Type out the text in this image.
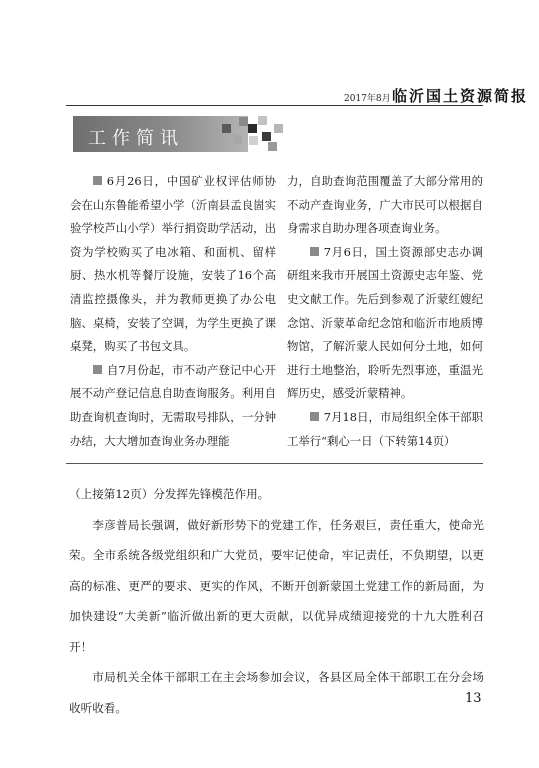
2017年8月 临沂国土资源简报
工作简讯

6月26日，中国矿业权评估师协会在山东鲁能希望小学（沂南县孟良崮实验学校芦山小学）举行捐资助学活动，出资为学校购买了电冰箱、和面机、留样厨、热水机等餐厅设施，安装了16个高清监控摄像头，并为教师更换了办公电脑、桌椅，安装了空调，为学生更换了课桌凳，购买了书包文具。

自7月份起，市不动产登记中心开展不动产登记信息自助查询服务。利用自助查询机查询时，无需取号排队，一分钟办结，大大增加查询业务办理能

力，自助查询范围覆盖了大部分常用的不动产查询业务，广大市民可以根据自身需求自助办理各项查询业务。

7月6日，国土资源部史志办调研组来我市开展国土资源史志年鉴、党史文献工作。先后到参观了沂蒙红嫂纪念馆、沂蒙革命纪念馆和临沂市地质博物馆，了解沂蒙人民如何分土地，如何进行土地整治，聆听先烈事迹，重温光辉历史，感受沂蒙精神。

7月18日，市局组织全体干部职工举行“剩心一日（下转第14页）

（上接第12页）分发挥先锋模范作用。

李彦普局长强调，做好新形势下的党建工作，任务艰巨，责任重大，使命光荣。全市系统各级党组织和广大党员，要牢记使命，牢记责任，不负期望，以更高的标准、更严的要求、更实的作风，不断开创新蒙国土党建工作的新局面，为加快建设“大美新”临沂做出新的更大贡献，以优异成绩迎接党的十九大胜利召开！

市局机关全体干部职工在主会场参加会议，各县区局全体干部职工在分会场收听收看。

13
